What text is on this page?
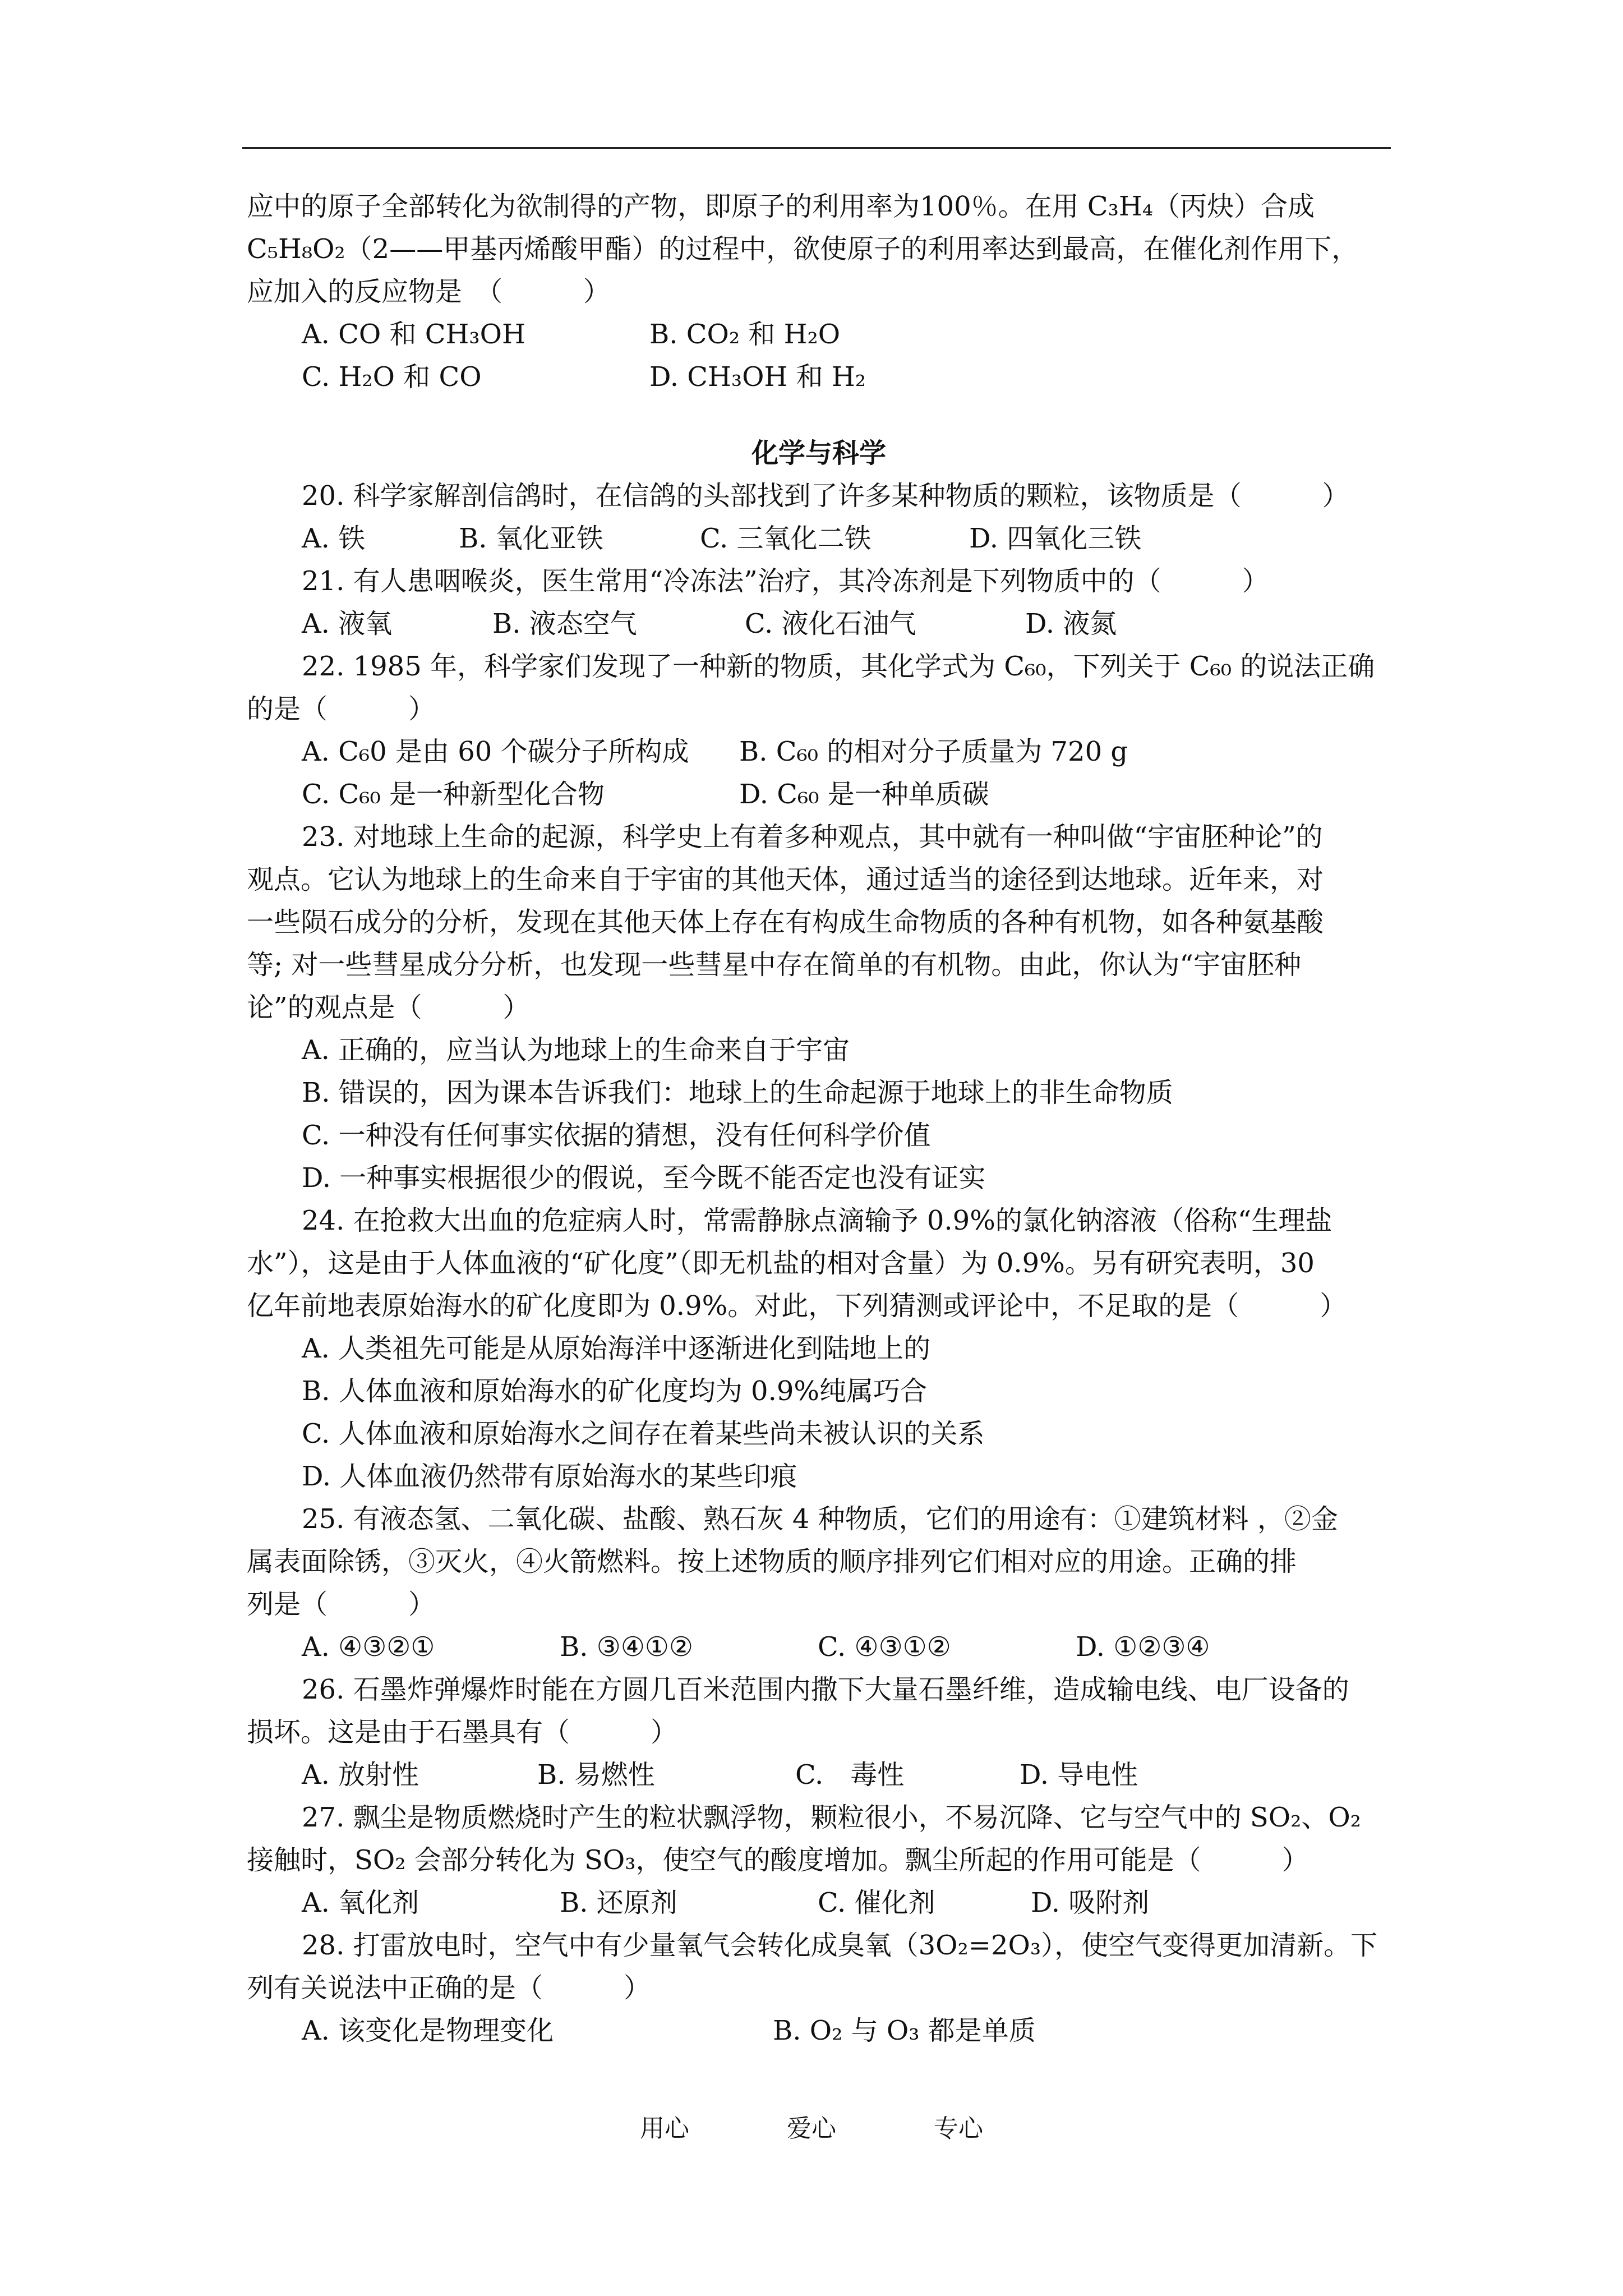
应中的原子全部转化为欲制得的产物，即原子的利用率为100％。在用 C₃H₄（丙炔）合成

C₅H₈O₂（2——甲基丙烯酸甲酯）的过程中，欲使原子的利用率达到最高，在催化剂作用下，

应加入的反应物是　（　　　）

A. CO 和 CH₃OH	B. CO₂ 和 H₂O
C. H₂O 和 CO	D. CH₃OH 和 H₂

化学与科学

20. 科学家解剖信鸽时，在信鸽的头部找到了许多某种物质的颗粒，该物质是（　　　）

A. 铁	B. 氧化亚铁	C. 三氧化二铁	D. 四氧化三铁

21. 有人患咽喉炎，医生常用“冷冻法”治疗，其冷冻剂是下列物质中的（　　　）

A. 液氧	B. 液态空气	C. 液化石油气	D. 液氮

22. 1985 年，科学家们发现了一种新的物质，其化学式为 C₆₀，下列关于 C₆₀ 的说法正确

的是（　　　）

A. C₆0 是由 60 个碳分子所构成	B. C₆₀ 的相对分子质量为 720 g
C. C₆₀ 是一种新型化合物	D. C₆₀ 是一种单质碳

23. 对地球上生命的起源，科学史上有着多种观点，其中就有一种叫做“宇宙胚种论”的

观点。它认为地球上的生命来自于宇宙的其他天体，通过适当的途径到达地球。近年来，对

一些陨石成分的分析，发现在其他天体上存在有构成生命物质的各种有机物，如各种氨基酸

等; 对一些彗星成分分析，也发现一些彗星中存在简单的有机物。由此，你认为“宇宙胚种

论”的观点是（　　　）

A. 正确的，应当认为地球上的生命来自于宇宙

B. 错误的，因为课本告诉我们：地球上的生命起源于地球上的非生命物质

C. 一种没有任何事实依据的猜想，没有任何科学价值

D. 一种事实根据很少的假说，至今既不能否定也没有证实

24. 在抢救大出血的危症病人时，常需静脉点滴输予 0.9%的氯化钠溶液（俗称“生理盐

水”），这是由于人体血液的“矿化度”（即无机盐的相对含量）为 0.9%。另有研究表明，30

亿年前地表原始海水的矿化度即为 0.9%。对此，下列猜测或评论中，不足取的是（　　　）

A. 人类祖先可能是从原始海洋中逐渐进化到陆地上的

B. 人体血液和原始海水的矿化度均为 0.9%纯属巧合

C. 人体血液和原始海水之间存在着某些尚未被认识的关系

D. 人体血液仍然带有原始海水的某些印痕

25. 有液态氢、二氧化碳、盐酸、熟石灰 4 种物质，它们的用途有：①建筑材料 ，②金

属表面除锈，③灭火，④火箭燃料。按上述物质的顺序排列它们相对应的用途。正确的排

列是（　　　）

A. ④③②①	B. ③④①②	C. ④③①②	D. ①②③④

26. 石墨炸弹爆炸时能在方圆几百米范围内撒下大量石墨纤维，造成输电线、电厂设备的

损坏。这是由于石墨具有（　　　）

A. 放射性	B. 易燃性	C.　毒性	D. 导电性

27. 飘尘是物质燃烧时产生的粒状飘浮物，颗粒很小，不易沉降、它与空气中的 SO₂、O₂

接触时，SO₂ 会部分转化为 SO₃，使空气的酸度增加。飘尘所起的作用可能是（　　　）

A. 氧化剂	B. 还原剂	C. 催化剂	D. 吸附剂

28. 打雷放电时，空气中有少量氧气会转化成臭氧（3O₂=2O₃），使空气变得更加清新。下

列有关说法中正确的是（　　　）

A. 该变化是物理变化	B. O₂ 与 O₃ 都是单质
用心	爱心	专心
